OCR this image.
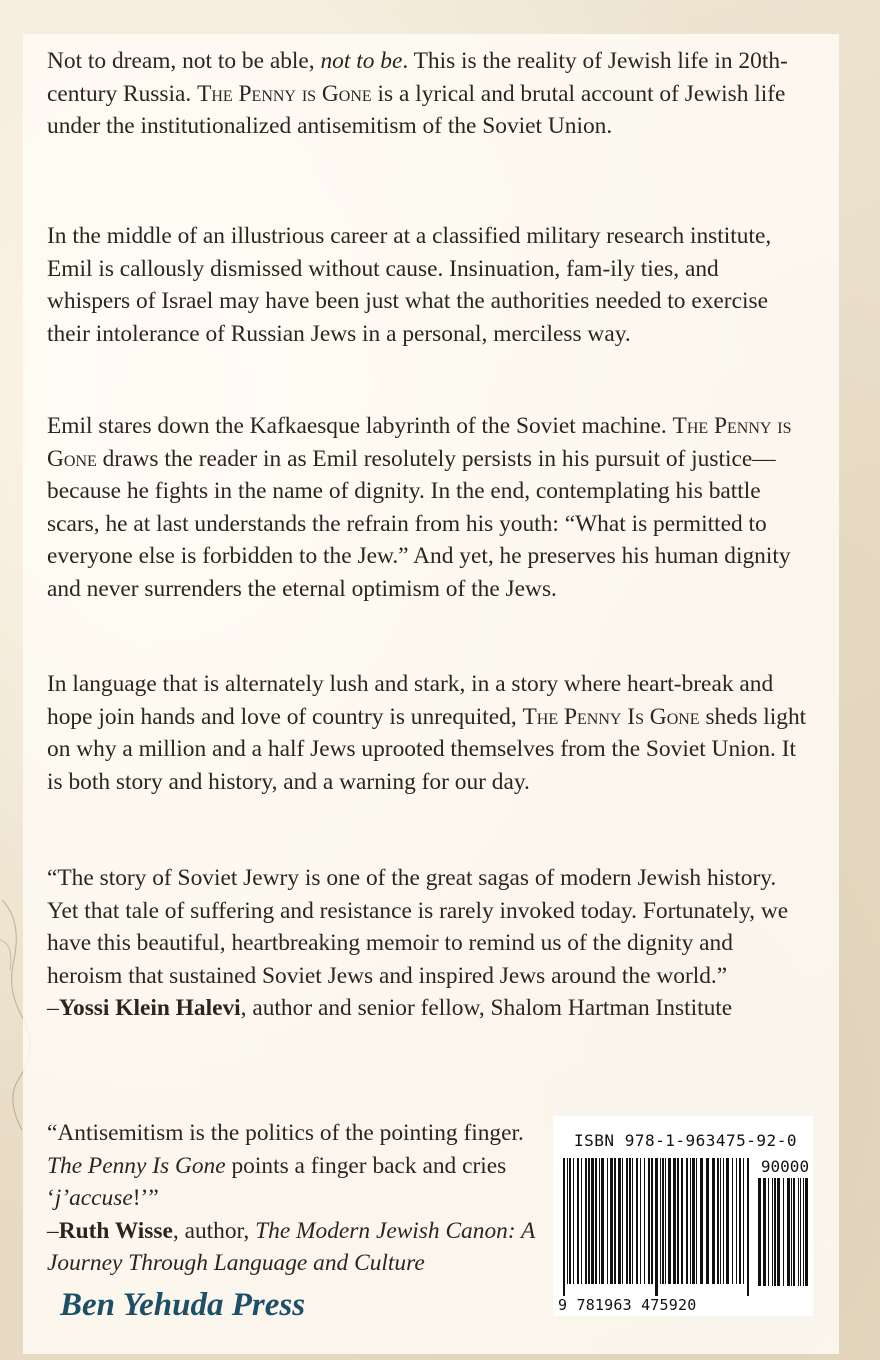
Not to dream, not to be able, not to be. This is the reality of Jewish life in 20th-century Russia. The Penny is Gone is a lyrical and brutal account of Jewish life under the institutionalized antisemitism of the Soviet Union.

In the middle of an illustrious career at a classified military research institute, Emil is callously dismissed without cause. Insinuation, fam-ily ties, and whispers of Israel may have been just what the authorities needed to exercise their intolerance of Russian Jews in a personal, merciless way.

Emil stares down the Kafkaesque labyrinth of the Soviet machine. The Penny is Gone draws the reader in as Emil resolutely persists in his pursuit of justice—because he fights in the name of dignity. In the end, contemplating his battle scars, he at last understands the refrain from his youth: “What is permitted to everyone else is forbidden to the Jew.” And yet, he preserves his human dignity and never surrenders the eternal optimism of the Jews.

In language that is alternately lush and stark, in a story where heart-break and hope join hands and love of country is unrequited, The Penny Is Gone sheds light on why a million and a half Jews uprooted themselves from the Soviet Union. It is both story and history, and a warning for our day.

“The story of Soviet Jewry is one of the great sagas of modern Jewish history. Yet that tale of suffering and resistance is rarely invoked today. Fortunately, we have this beautiful, heartbreaking memoir to remind us of the dignity and heroism that sustained Soviet Jews and inspired Jews around the world.”
–Yossi Klein Halevi, author and senior fellow, Shalom Hartman Institute

“Antisemitism is the politics of the pointing finger. The Penny Is Gone points a finger back and cries ‘j’accuse!’”
–Ruth Wisse, author, The Modern Jewish Canon: A Journey Through Language and Culture

ISBN 978-1-963475-92-0

90000

9 781963 475920

Ben Yehuda Press
